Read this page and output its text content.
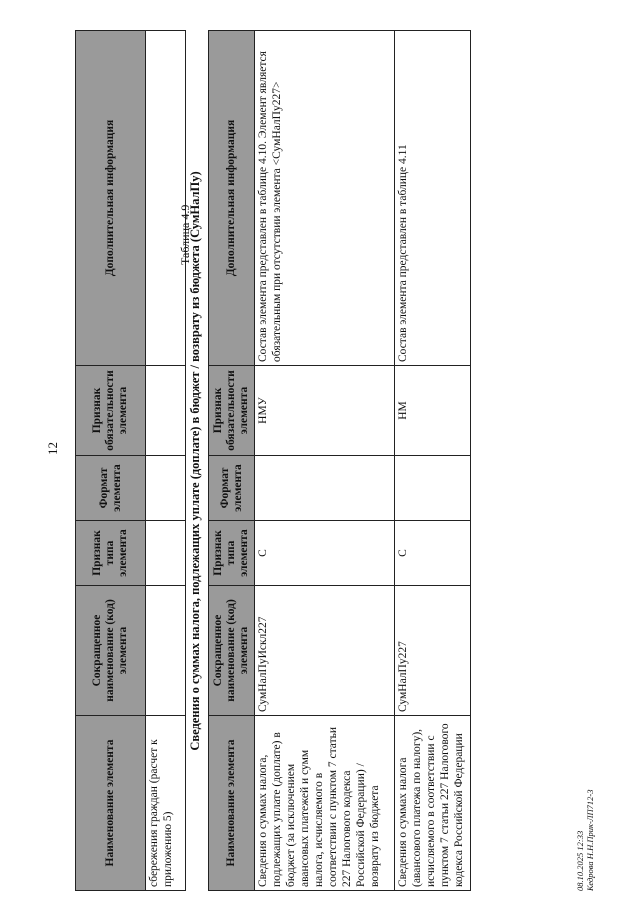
12
Наименование элемента	Сокращенное наименование (код) элемента	Признак типа элемента	Формат элемента	Признак обязательности элемента	Дополнительная информация
сбережения граждан (расчет к приложению 5)					
Таблица 4.9
Сведения о суммах налога, подлежащих уплате (доплате) в бюджет / возврату из бюджета (СумНалПу)
Наименование элемента	Сокращенное наименование (код) элемента	Признак типа элемента	Формат элемента	Признак обязательности элемента	Дополнительная информация
Сведения о суммах налога, подлежащих уплате (доплате) в бюджет (за исключением авансовых платежей и сумм налога, исчисляемого в соответствии с пунктом 7 статьи 227 Налогового кодекса Российской Федерации) / возврату из бюджета	СумНалПуИскл227	С		НМУ	Состав элемента представлен в таблице 4.10. Элемент является обязательным при отсутствии элемента <СумНалПу227>
Сведения о суммах налога (авансового платежа по налогу), исчисляемого в соответствии с пунктом 7 статьи 227 Налогового кодекса Российской Федерации	СумНалПу227	С		НМ	Состав элемента представлен в таблице 4.11
08.10.2025 12:33 Кедрова Н.Н.Прик-ЛП712-3
